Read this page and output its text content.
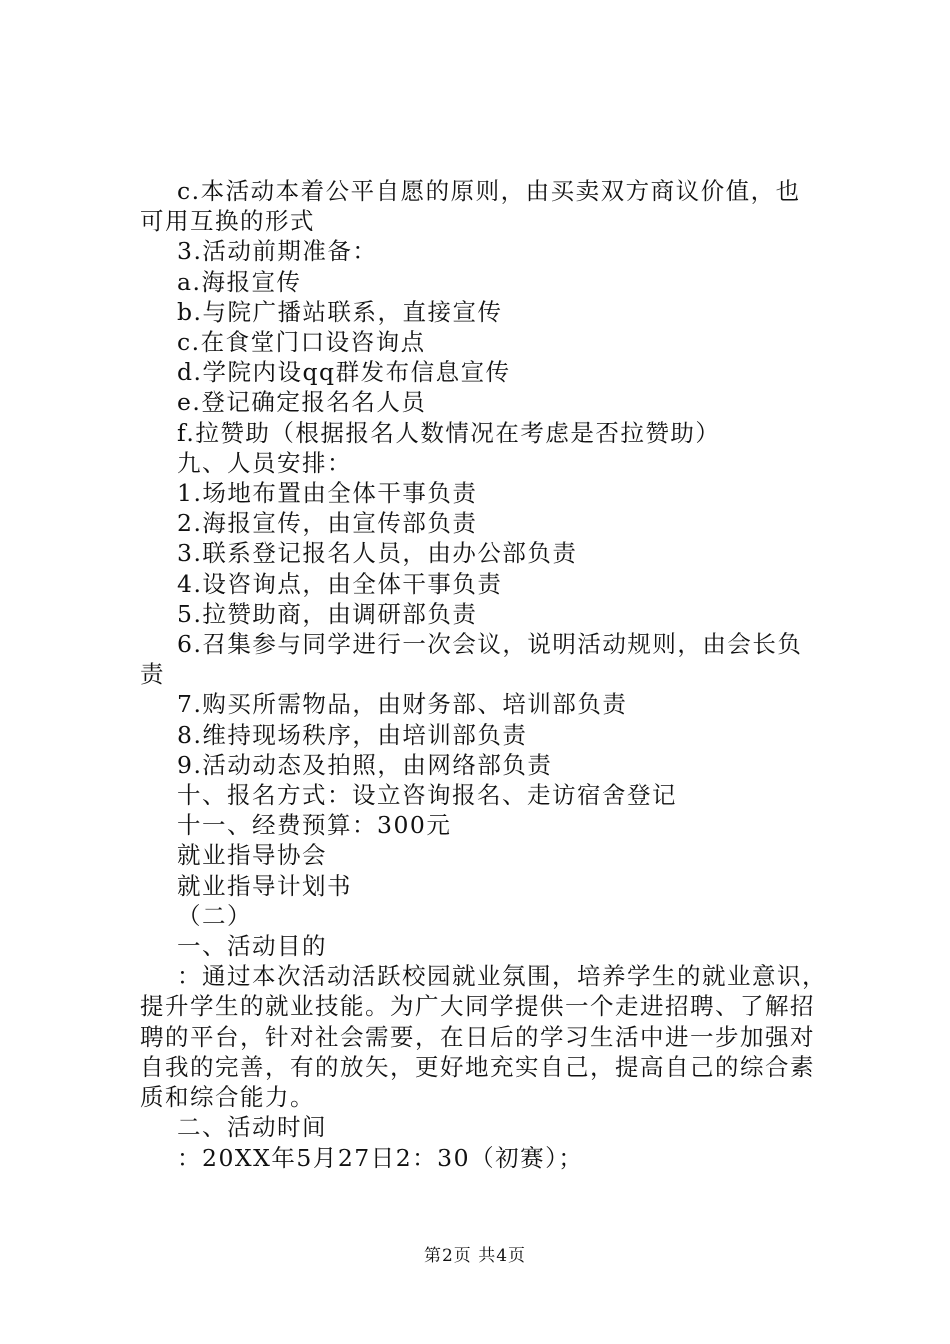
c.本活动本着公平自愿的原则，由买卖双方商议价值，也
可用互换的形式
3.活动前期准备：
a.海报宣传
b.与院广播站联系，直接宣传
c.在食堂门口设咨询点
d.学院内设qq群发布信息宣传
e.登记确定报名名人员
f.拉赞助（根据报名人数情况在考虑是否拉赞助）
九、人员安排：
1.场地布置由全体干事负责
2.海报宣传，由宣传部负责
3.联系登记报名人员，由办公部负责
4.设咨询点，由全体干事负责
5.拉赞助商，由调研部负责
6.召集参与同学进行一次会议，说明活动规则，由会长负
责
7.购买所需物品，由财务部、培训部负责
8.维持现场秩序，由培训部负责
9.活动动态及拍照，由网络部负责
十、报名方式：设立咨询报名、走访宿舍登记
十一、经费预算：300元
就业指导协会
就业指导计划书
（二）
一、活动目的
：通过本次活动活跃校园就业氛围，培养学生的就业意识，
提升学生的就业技能。为广大同学提供一个走进招聘、了解招
聘的平台，针对社会需要，在日后的学习生活中进一步加强对
自我的完善，有的放矢，更好地充实自己，提高自己的综合素
质和综合能力。
二、活动时间
：20XX年5月27日2：30（初赛）；
第2页 共4页
